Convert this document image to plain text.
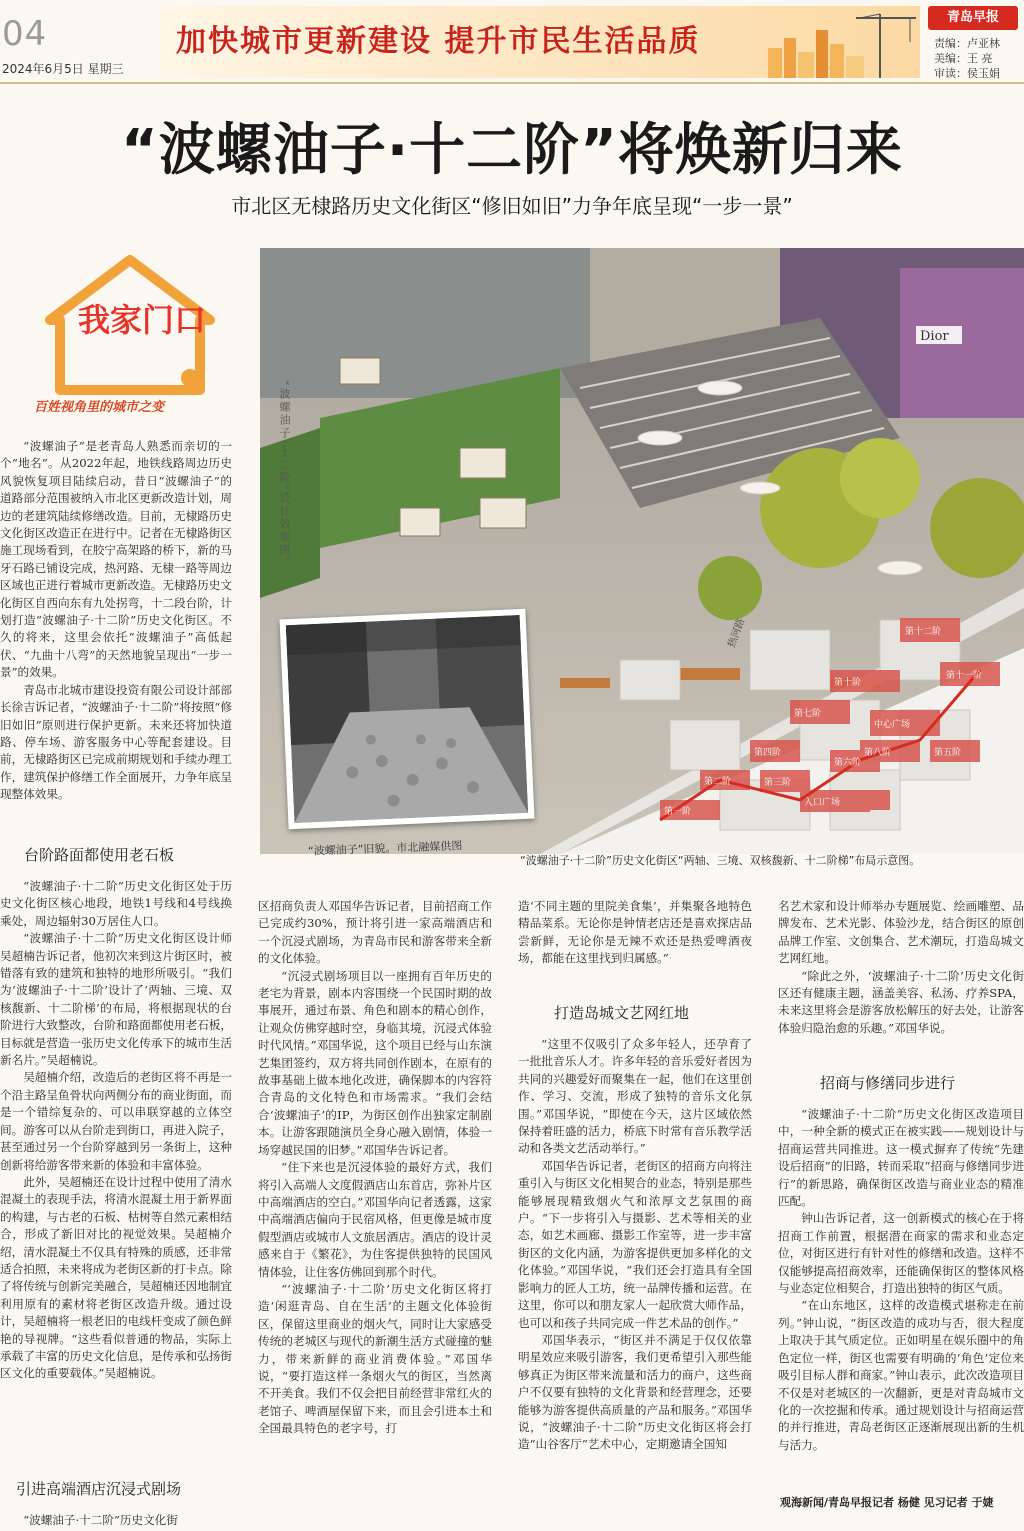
04
2024年6月5日 星期三
加快城市更新建设 提升市民生活品质
青岛早报
责编：卢亚林
美编：王 亮
审读：侯玉娟
“波螺油子·十二阶”将焕新归来
市北区无棣路历史文化街区“修旧如旧”力争年底呈现“一步一景”
我家门口
百姓视角里的城市之变
Dior
“波螺油子·十二阶”设计效果图。
第十二阶
第十一阶
第十阶
第七阶
中心广场
第八阶
第四阶
第六阶
第五阶
第三阶
入口广场
第二阶
第一阶
热河路
“波螺油子”旧貌。市北融媒供图
“波螺油子·十二阶”历史文化街区“两轴、三境、双核馥新、十二阶梯”布局示意图。

“波螺油子”是老青岛人熟悉而亲切的一个“地名”。从2022年起，地铁线路周边历史风貌恢复项目陆续启动，昔日“波螺油子”的道路部分范围被纳入市北区更新改造计划，周边的老建筑陆续修缮改造。目前，无棣路历史文化街区改造正在进行中。记者在无棣路街区施工现场看到，在胶宁高架路的桥下，新的马牙石路已铺设完成，热河路、无棣一路等周边区域也正进行着城市更新改造。无棣路历史文化街区自西向东有九处拐弯，十二段台阶，计划打造“波螺油子·十二阶”历史文化街区。不久的将来，这里会依托“波螺油子”高低起伏、“九曲十八弯”的天然地貌呈现出“一步一景”的效果。

青岛市北城市建设投资有限公司设计部部长徐吉诉记者，“波螺油子·十二阶”将按照“修旧如旧”原则进行保护更新。未来还将加快道路、停车场、游客服务中心等配套建设。目前，无棣路街区已完成前期规划和手续办理工作，建筑保护修缮工作全面展开，力争年底呈现整体效果。

台阶路面都使用老石板

“波螺油子·十二阶”历史文化街区处于历史文化街区核心地段，地铁1号线和4号线换乘处，周边辐射30万居住人口。

“波螺油子·十二阶”历史文化街区设计师吴超楠告诉记者，他初次来到这片街区时，被错落有致的建筑和独特的地形所吸引。“我们为‘波螺油子·十二阶’设计了‘两轴、三境、双核馥新、十二阶梯’的布局，将根据现状的台阶进行大致整改，台阶和路面都使用老石板，目标就是营造一张历史文化传承下的城市生活新名片。”吴超楠说。

吴超楠介绍，改造后的老街区将不再是一个沿主路呈鱼骨状向两侧分布的商业街面，而是一个错综复杂的、可以串联穿越的立体空间。游客可以从台阶走到街口，再进入院子，甚至通过另一个台阶穿越到另一条街上，这种创新将给游客带来新的体验和丰富体验。

此外，吴超楠还在设计过程中使用了清水混凝土的表现手法，将清水混凝土用于新界面的构建，与古老的石板、枯树等自然元素相结合，形成了新旧对比的视觉效果。吴超楠介绍，清水混凝土不仅具有特殊的质感，还非常适合拍照，未来将成为老街区新的打卡点。除了将传统与创新完美融合，吴超楠还因地制宜利用原有的素材将老街区改造升级。通过设计，吴超楠将一根老旧的电线杆变成了颜色鲜艳的导视牌。“这些看似普通的物品，实际上承载了丰富的历史文化信息，是传承和弘扬街区文化的重要载体。”吴超楠说。

引进高端酒店沉浸式剧场

“波螺油子·十二阶”历史文化街

区招商负责人邓国华告诉记者，目前招商工作已完成约30%，预计将引进一家高端酒店和一个沉浸式剧场，为青岛市民和游客带来全新的文化体验。

“沉浸式剧场项目以一座拥有百年历史的老宅为背景，剧本内容围绕一个民国时期的故事展开，通过布景、角色和剧本的精心创作，让观众仿佛穿越时空，身临其境，沉浸式体验时代风情。”邓国华说，这个项目已经与山东演艺集团签约，双方将共同创作剧本，在原有的故事基础上做本地化改进，确保脚本的内容符合青岛的文化特色和市场需求。“我们会结合‘波螺油子’的IP，为街区创作出独家定制剧本。让游客跟随演员全身心融入剧情，体验一场穿越民国的旧梦。”邓国华告诉记者。

“住下来也是沉浸体验的最好方式，我们将引入高端人文度假酒店山东首店，弥补片区中高端酒店的空白。”邓国华向记者透露，这家中高端酒店偏向于民宿风格，但更像是城市度假型酒店或城市人文旅居酒店。酒店的设计灵感来自于《繁花》，为住客提供独特的民国风情体验，让住客仿佛回到那个时代。

“‘波螺油子·十二阶’历史文化街区将打造‘闲逛青岛、自在生活’的主题文化体验街区，保留这里商业的烟火气，同时让大家感受传统的老城区与现代的新潮生活方式碰撞的魅力，带来新鲜的商业消费体验。”邓国华说，“要打造这样一条烟火气的街区，当然离不开美食。我们不仅会把目前经营非常红火的老馆子、啤酒屋保留下来，而且会引进本土和全国最具特色的老字号，打

造‘不同主题的里院美食集’，并集聚各地特色精品菜系。无论你是钟情老店还是喜欢探店品尝新鲜，无论你是无辣不欢还是热爱啤酒夜场，都能在这里找到归属感。”

打造岛城文艺网红地

“这里不仅吸引了众多年轻人，还孕育了一批批音乐人才。许多年轻的音乐爱好者因为共同的兴趣爱好而聚集在一起，他们在这里创作、学习、交流，形成了独特的音乐文化氛围。”邓国华说，“即使在今天，这片区域依然保持着旺盛的活力，桥底下时常有音乐教学活动和各类文艺活动举行。”

邓国华告诉记者，老街区的招商方向将注重引入与街区文化相契合的业态，特别是那些能够展现精致烟火气和浓厚文艺氛围的商户。“下一步将引入与摄影、艺术等相关的业态，如艺术画廊、摄影工作室等，进一步丰富街区的文化内涵，为游客提供更加多样化的文化体验。”邓国华说，“我们还会打造具有全国影响力的匠人工坊，统一品牌传播和运营。在这里，你可以和朋友家人一起欣赏大师作品，也可以和孩子共同完成一件艺术品的创作。”

邓国华表示，“街区并不满足于仅仅依靠明星效应来吸引游客，我们更希望引入那些能够真正为街区带来流量和活力的商户，这些商户不仅要有独特的文化背景和经营理念，还要能够为游客提供高质量的产品和服务。”邓国华说，“波螺油子·十二阶”历史文化街区将会打造“山谷客厅”艺术中心，定期邀请全国知

名艺术家和设计师举办专题展览、绘画雕塑、品牌发布、艺术光影、体验沙龙，结合街区的原创品牌工作室、文创集合、艺术潮玩，打造岛城文艺网红地。

“除此之外，‘波螺油子·十二阶’历史文化街区还有健康主题，涵盖美容、私汤、疗养SPA，未来这里将会是游客放松解压的好去处，让游客体验归隐治愈的乐趣。”邓国华说。

招商与修缮同步进行

“波螺油子·十二阶”历史文化街区改造项目中，一种全新的模式正在被实践——规划设计与招商运营共同推进。这一模式摒弃了传统“先建设后招商”的旧路，转而采取“招商与修缮同步进行”的新思路，确保街区改造与商业业态的精准匹配。

钟山告诉记者，这一创新模式的核心在于将招商工作前置，根据潜在商家的需求和业态定位，对街区进行有针对性的修缮和改造。这样不仅能够提高招商效率，还能确保街区的整体风格与业态定位相契合，打造出独特的街区气质。

“在山东地区，这样的改造模式堪称走在前列。”钟山说，“街区改造的成功与否，很大程度上取决于其气质定位。正如明星在娱乐圈中的角色定位一样，街区也需要有明确的‘角色’定位来吸引目标人群和商家。”钟山表示，此次改造项目不仅是对老城区的一次翻新，更是对青岛城市文化的一次挖掘和传承。通过规划设计与招商运营的并行推进，青岛老街区正逐渐展现出新的生机与活力。

观海新闻/青岛早报记者 杨健 见习记者 于婕
